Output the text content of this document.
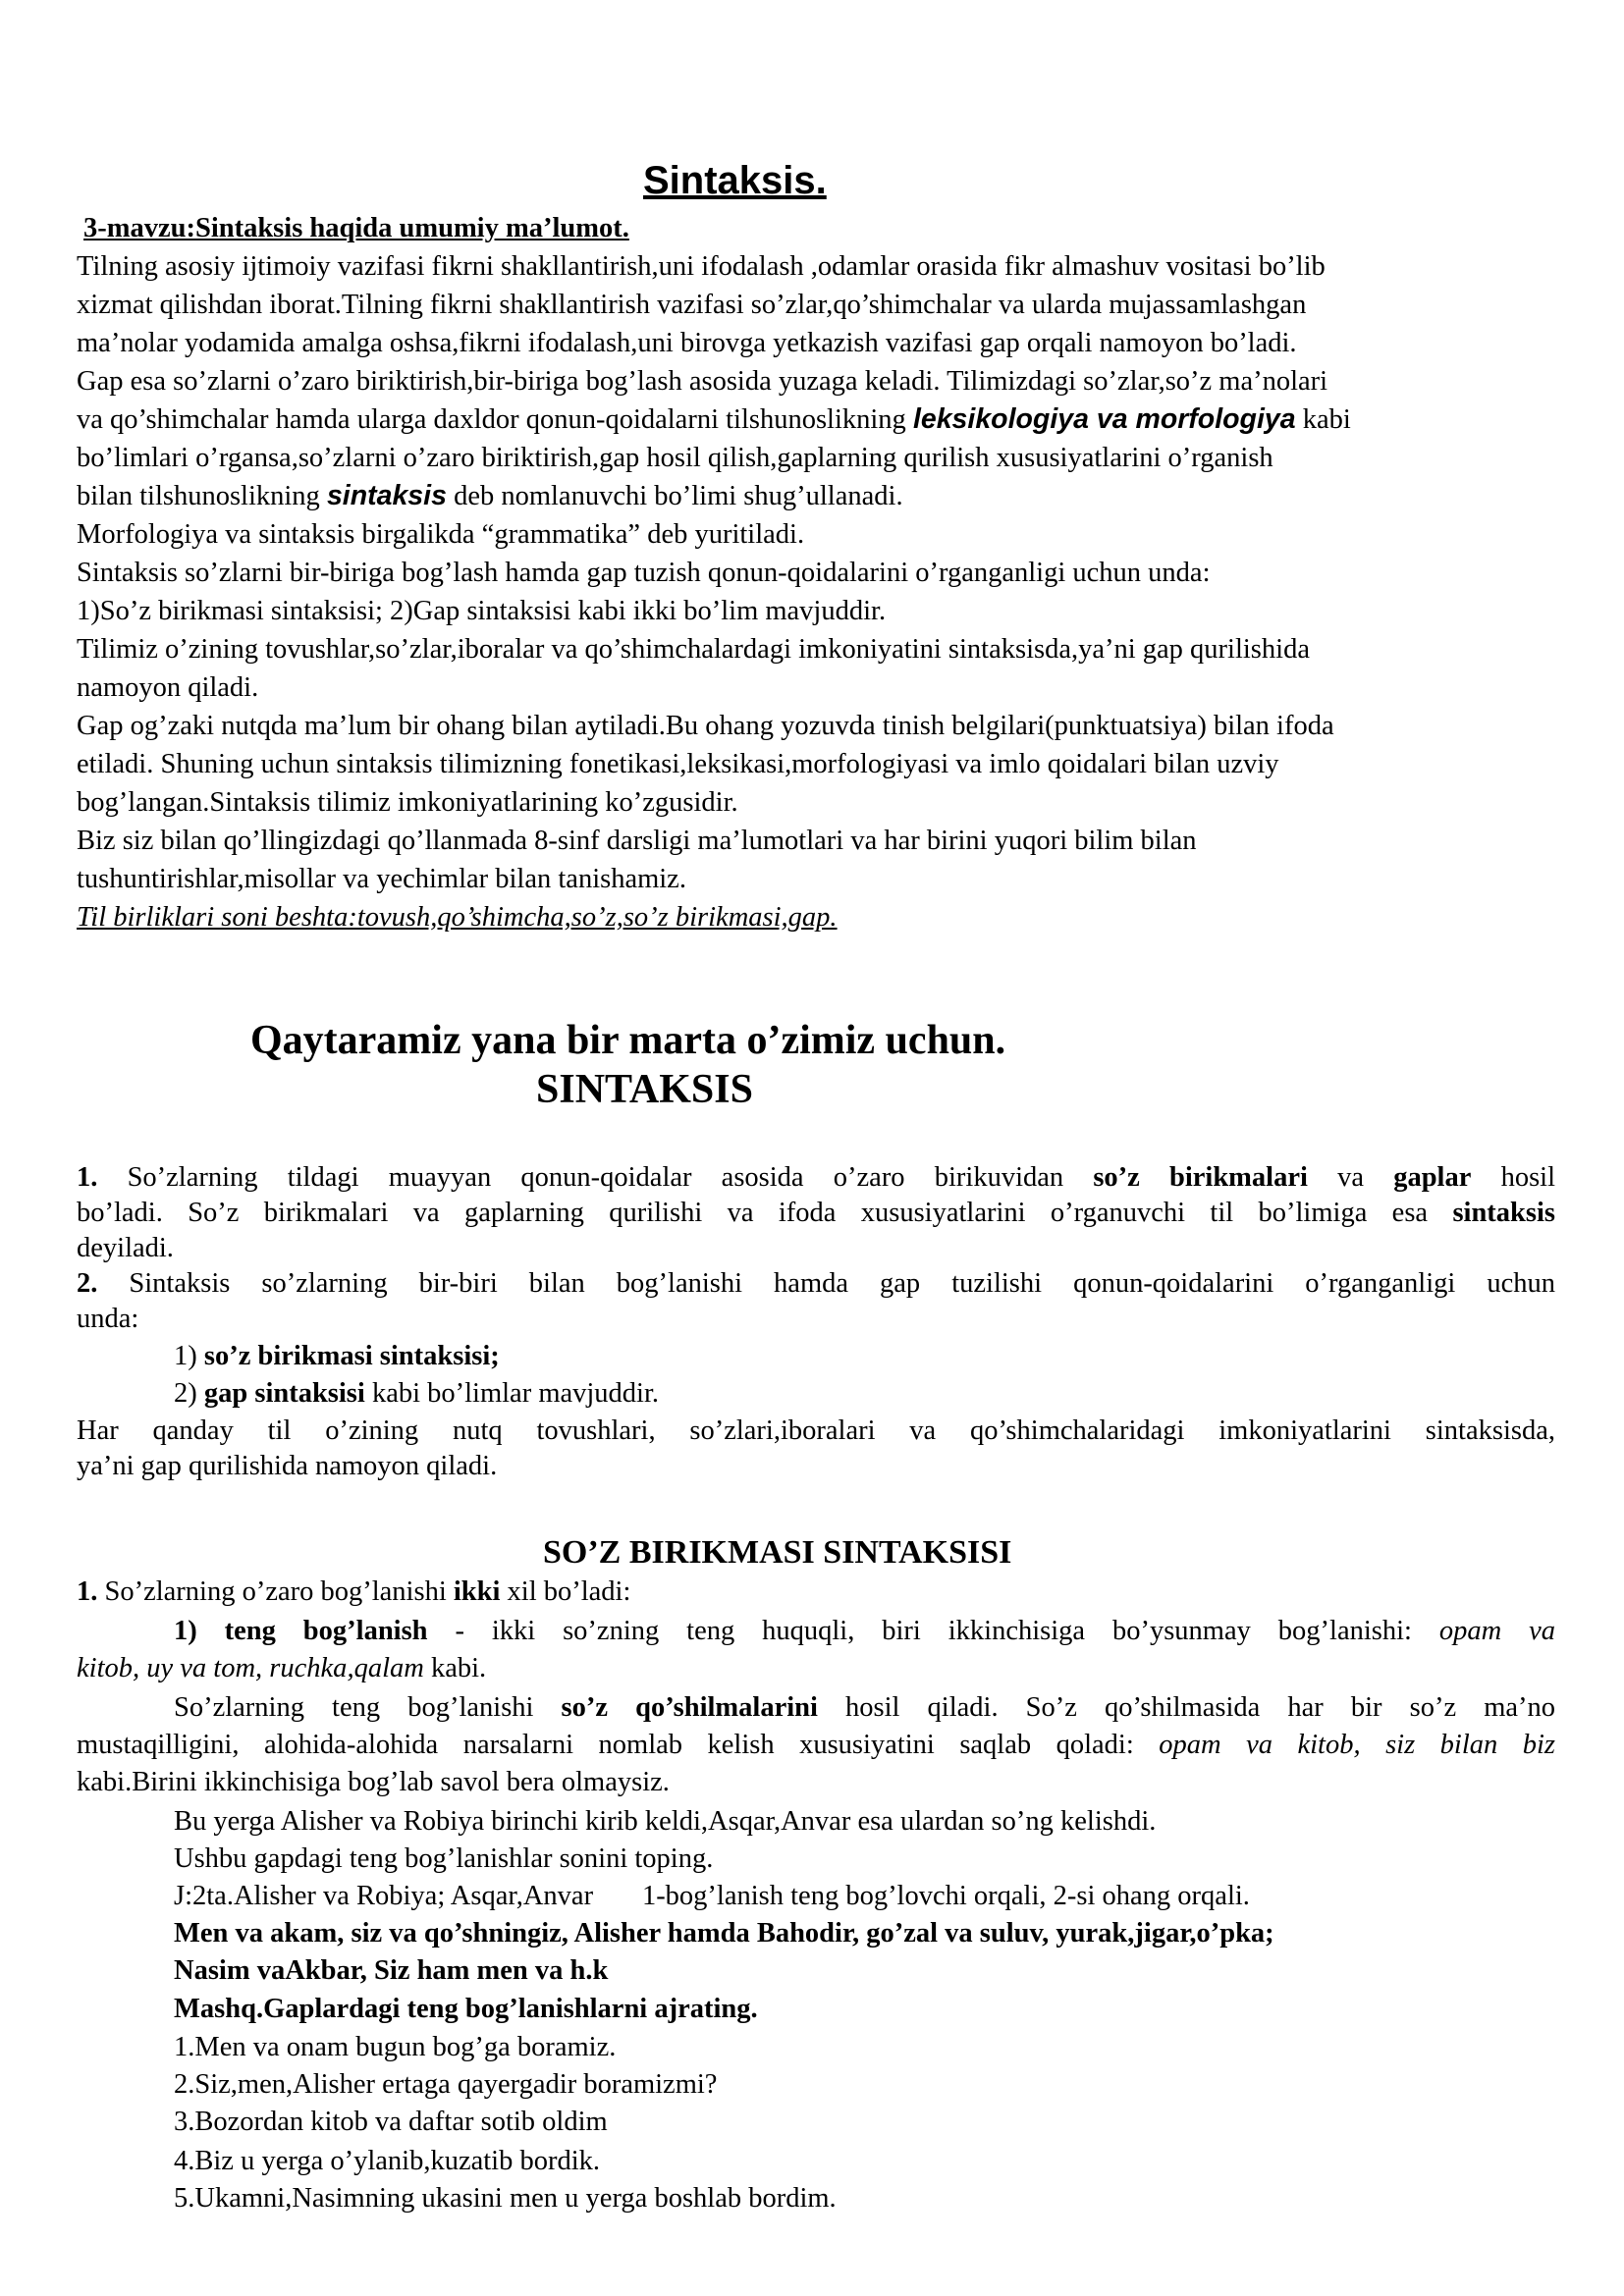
Sintaksis.
3-mavzu:Sintaksis haqida umumiy ma’lumot.
Tilning asosiy ijtimoiy vazifasi fikrni shakllantirish,uni ifodalash ,odamlar orasida fikr almashuv vositasi bo’lib
xizmat qilishdan iborat.Tilning fikrni shakllantirish vazifasi so’zlar,qo’shimchalar va ularda mujassamlashgan
ma’nolar yodamida amalga oshsa,fikrni ifodalash,uni birovga yetkazish vazifasi gap orqali namoyon bo’ladi.
Gap esa so’zlarni o’zaro biriktirish,bir-biriga bog’lash asosida yuzaga keladi. Tilimizdagi so’zlar,so’z ma’nolari
va qo’shimchalar hamda ularga daxldor qonun-qoidalarni tilshunoslikning leksikologiya va morfologiya kabi
bo’limlari o’rgansa,so’zlarni o’zaro biriktirish,gap hosil qilish,gaplarning qurilish xususiyatlarini o’rganish
bilan tilshunoslikning sintaksis deb nomlanuvchi bo’limi shug’ullanadi.
Morfologiya va sintaksis birgalikda “grammatika” deb yuritiladi.
Sintaksis so’zlarni bir-biriga bog’lash hamda gap tuzish qonun-qoidalarini o’rganganligi uchun unda:
1)So’z birikmasi sintaksisi; 2)Gap sintaksisi kabi ikki bo’lim mavjuddir.
Tilimiz o’zining tovushlar,so’zlar,iboralar va qo’shimchalardagi imkoniyatini sintaksisda,ya’ni gap qurilishida
namoyon qiladi.
Gap og’zaki nutqda ma’lum bir ohang bilan aytiladi.Bu ohang yozuvda tinish belgilari(punktuatsiya) bilan ifoda
etiladi. Shuning uchun sintaksis tilimizning fonetikasi,leksikasi,morfologiyasi va imlo qoidalari bilan uzviy
bog’langan.Sintaksis tilimiz imkoniyatlarining ko’zgusidir.
Biz siz bilan qo’llingizdagi qo’llanmada 8-sinf darsligi ma’lumotlari va har birini yuqori bilim bilan
tushuntirishlar,misollar va yechimlar bilan tanishamiz.
Til birliklari soni beshta:tovush,qo’shimcha,so’z,so’z birikmasi,gap.
Qaytaramiz yana bir marta o’zimiz uchun.
SINTAKSIS
1. So’zlarning tildagi muayyan qonun-qoidalar asosida o’zaro birikuvidan so’z birikmalari va gaplar hosil
bo’ladi. So’z birikmalari va gaplarning qurilishi va ifoda xususiyatlarini o’rganuvchi til bo’limiga esa sintaksis
deyiladi.
2. Sintaksis so’zlarning bir-biri bilan bog’lanishi hamda gap tuzilishi qonun-qoidalarini o’rganganligi uchun
unda:
1) so’z birikmasi sintaksisi;
2) gap sintaksisi kabi bo’limlar mavjuddir.
Har qanday til o’zining nutq tovushlari, so’zlari,iboralari va qo’shimchalaridagi imkoniyatlarini sintaksisda,
ya’ni gap qurilishida namoyon qiladi.
SO’Z BIRIKMASI SINTAKSISI
1. So’zlarning o’zaro bog’lanishi ikki xil bo’ladi:
1) teng bog’lanish - ikki so’zning teng huquqli, biri ikkinchisiga bo’ysunmay bog’lanishi: opam va
kitob, uy va tom, ruchka,qalam kabi.
So’zlarning teng bog’lanishi so’z qo’shilmalarini hosil qiladi. So’z qo’shilmasida har bir so’z ma’no
mustaqilligini, alohida-alohida narsalarni nomlab kelish xususiyatini saqlab qoladi: opam va kitob, siz bilan biz
kabi.Birini ikkinchisiga bog’lab savol bera olmaysiz.
Bu yerga Alisher va Robiya birinchi kirib keldi,Asqar,Anvar esa ulardan so’ng kelishdi.
Ushbu gapdagi teng bog’lanishlar sonini toping.
J:2ta.Alisher va Robiya; Asqar,Anvar       1-bog’lanish teng bog’lovchi orqali, 2-si ohang orqali.
Men va akam, siz va qo’shningiz, Alisher hamda Bahodir, go’zal va suluv, yurak,jigar,o’pka;
Nasim vaAkbar, Siz ham men va h.k
Mashq.Gaplardagi teng bog’lanishlarni ajrating.
1.Men va onam bugun bog’ga boramiz.
2.Siz,men,Alisher ertaga qayergadir boramizmi?
3.Bozordan kitob va daftar sotib oldim
4.Biz u yerga o’ylanib,kuzatib bordik.
5.Ukamni,Nasimning ukasini men u yerga boshlab bordim.
